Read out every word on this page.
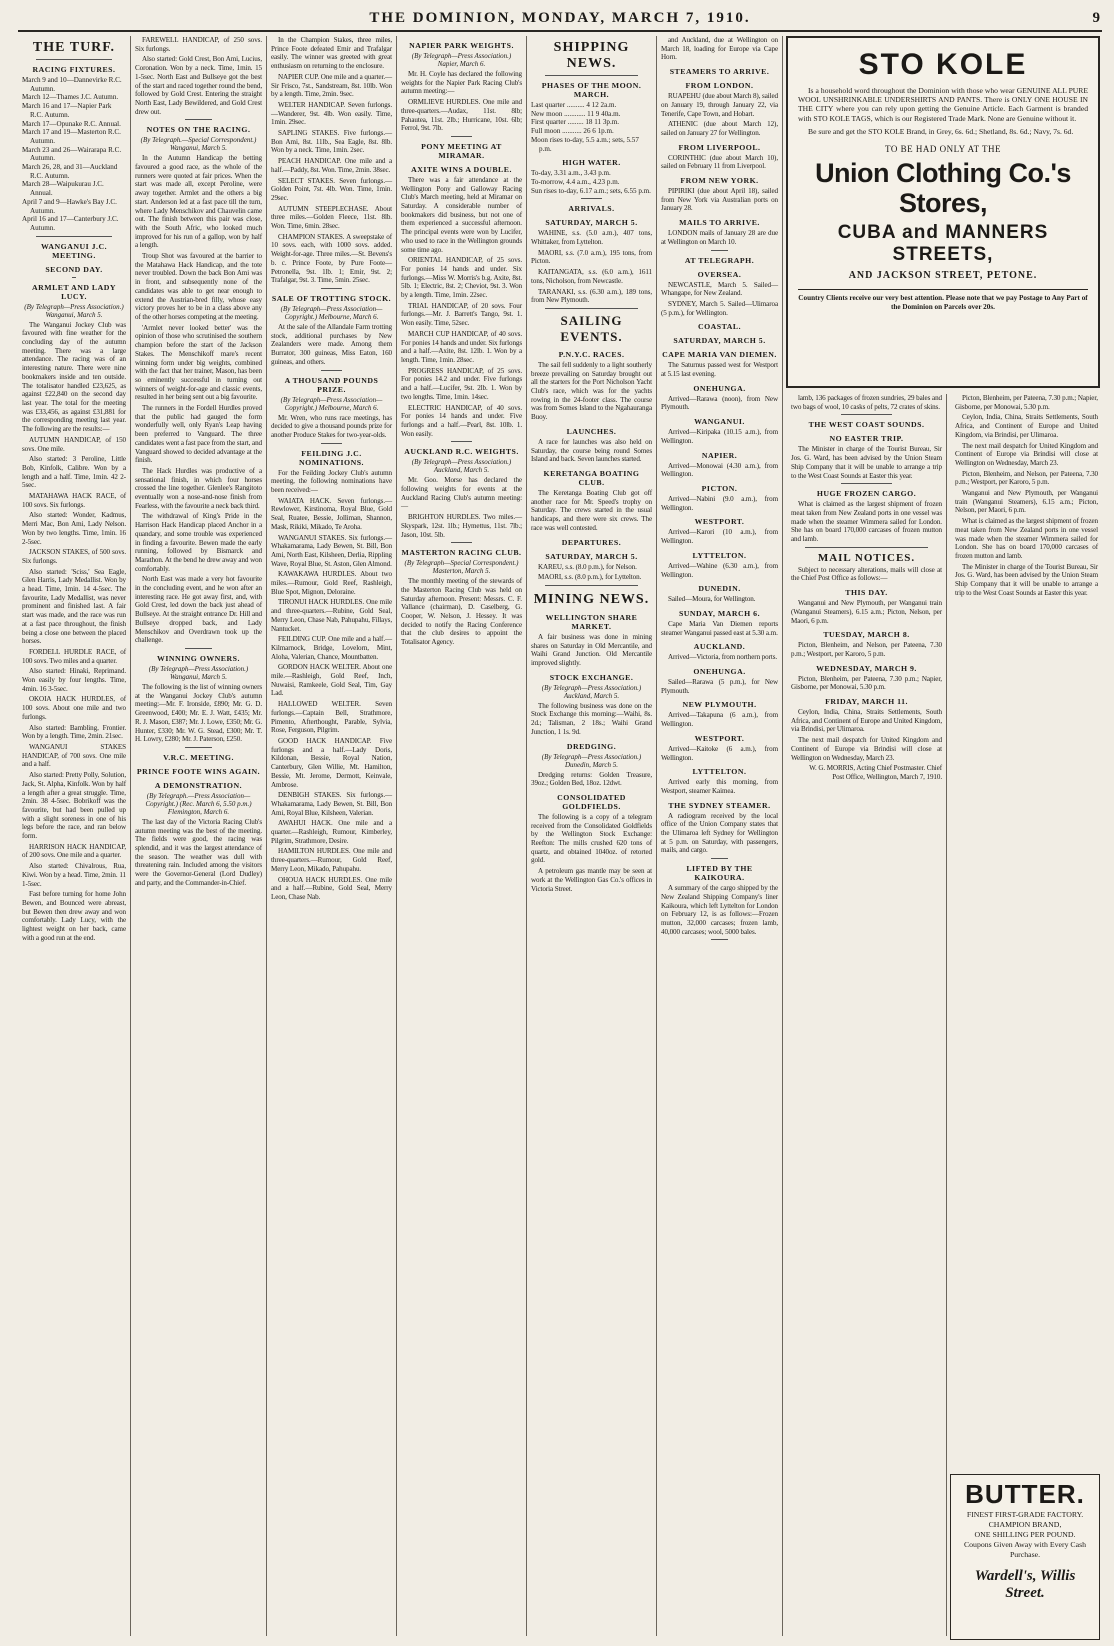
THE DOMINION, MONDAY, MARCH 7, 1910.	9
THE TURF.
RACING FIXTURES.
March 9 and 10—Dannevirke R.C. Autumn.
March 12—Thames J.C. Autumn.
March 16 and 17—Napier Park R.C. Autumn.
March 17—Opunake R.C. Annual.
March 17 and 19—Masterton R.C. Autumn.
March 23 and 26—Wairarapa R.C. Autumn.
March 26, 28, and 31—Auckland R.C. Autumn.
March 28—Waipukurau J.C. Annual.
April 7 and 9—Hawke's Bay J.C. Autumn.
April 16 and 17—Canterbury J.C. Autumn.
WANGANUI J.C. MEETING.
SECOND DAY.
ARMLET AND LADY LUCY.
(By Telegraph—Press Association.) Wanganui, March 5.

The Wanganui Jockey Club was favoured with fine weather for the concluding day of the autumn meeting. There was a large attendance. The racing was of an interesting nature. There were nine bookmakers inside and ten outside. The totalisator handled £23,625, as against £22,840 on the second day last year. The total for the meeting was £33,456, as against £31,881 for the corresponding meeting last year. The following are the results:—

AUTUMN HANDICAP, of 150 sovs. One mile.

Also started: 3 Peroline, Little Bob, Kinfolk, Calibre. Won by a length and a half. Time, 1min. 42 2-5sec.

MATAHAWA HACK RACE, of 100 sovs. Six furlongs.

Also started: Wonder, Kadmus, Merri Mac, Bon Ami, Lady Nelson. Won by two lengths. Time, 1min. 16 2-5sec.

JACKSON STAKES, of 500 sovs. Six furlongs.

Also started: 'Sciss,' Sea Eagle, Glen Harris, Lady Medallist. Won by a head. Time, 1min. 14 4-5sec. The favourite, Lady Medallist, was never prominent and finished last. A fair start was made, and the race was run at a fast pace throughout, the finish being a close one between the placed horses.

FORDELL HURDLE RACE, of 100 sovs. Two miles and a quarter.

Also started: Hinaki, Reprimand. Won easily by four lengths. Time, 4min. 16 3-5sec.

OKOIA HACK HURDLES, of 100 sovs. About one mile and two furlongs.

Also started: Bambling, Frontier. Won by a length. Time, 2min. 21sec.

WANGANUI STAKES HANDICAP, of 700 sovs. One mile and a half.

Also started: Pretty Polly, Solution, Jack, St. Alpha, Kinfolk. Won by half a length after a great struggle. Time, 2min. 38 4-5sec. Bobrikoff was the favourite, but had been pulled up with a slight soreness in one of his legs before the race, and ran below form.

HARRISON HACK HANDICAP, of 200 sovs. One mile and a quarter.

Also started: Chivalrous, Rua, Kiwi. Won by a head. Time, 2min. 11 1-5sec.

Fast before turning for home John Bewen, and Bounced were abreast, but Bewen then drew away and won comfortably. Lady Lucy, with the lightest weight on her back, came with a good run at the end.

FAREWELL HANDICAP, of 250 sovs. Six furlongs.

Also started: Gold Crest, Bon Ami, Lucius, Coronation. Won by a neck. Time, 1min. 15 1-5sec. North East and Bullseye got the best of the start and raced together round the bend, followed by Gold Crest. Entering the straight North East, Lady Bewildered, and Gold Crest drew out.

NOTES ON THE RACING.
(By Telegraph.—Special Correspondent.) Wanganui, March 5.

In the Autumn Handicap the betting favoured a good race, as the whole of the runners were quoted at fair prices. When the start was made all, except Peroline, were away together. Armlet and the others a big start. Anderson led at a fast pace till the turn, where Lady Menschikov and Chauvelin came out. The finish between this pair was close, with the South Afric, who looked much improved for his run of a gallop, won by half a length.

Troup Shot was favoured at the barrier to the Matahawa Hack Handicap, and the tote never troubled. Down the back Bon Ami was in front, and subsequently none of the candidates was able to get near enough to extend the Austrian-bred filly, whose easy victory proves her to be in a class above any of the other horses competing at the meeting.

'Armlet never looked better' was the opinion of those who scrutinised the southern champion before the start of the Jackson Stakes. The Menschikoff mare's recent winning form under big weights, combined with the fact that her trainer, Mason, has been so eminently successful in turning out winners of weight-for-age and classic events, resulted in her being sent out a big favourite.

The runners in the Fordell Hurdles proved that the public had gauged the form wonderfully well, only Ryan's Leap having been preferred to Vanguard. The three candidates went a fast pace from the start, and Vanguard showed to decided advantage at the finish.

The Hack Hurdles was productive of a sensational finish, in which four horses crossed the line together. Glenlee's Rangitoto eventually won a nose-and-nose finish from Fearless, with the favourite a neck back third.

The withdrawal of King's Pride in the Harrison Hack Handicap placed Anchor in a quandary, and some trouble was experienced in finding a favourite. Bewen made the early running, followed by Bismarck and Marathon. At the bend he drew away and won comfortably.

North East was made a very hot favourite in the concluding event, and he won after an interesting race. He got away first, and, with Gold Crest, led down the back just ahead of Bullseye. At the straight entrance Dr. Hill and Bullseye dropped back, and Lady Menschikov and Overdrawn took up the challenge.

WINNING OWNERS.
(By Telegraph—Press Association.) Wanganui, March 5.

The following is the list of winning owners at the Wanganui Jockey Club's autumn meeting:—Mr. F. Ironside, £890; Mr. G. D. Greenwood, £400; Mr. E. J. Watt, £435; Mr. R. J. Mason, £387; Mr. J. Lowe, £350; Mr. G. Hunter, £330; Mr. W. G. Stead, £300; Mr. T. H. Lowry, £280; Mr. J. Paterson, £250.

V.R.C. MEETING.
PRINCE FOOTE WINS AGAIN.
A DEMONSTRATION.
(By Telegraph.—Press Association—Copyright.) (Rec. March 6, 5.50 p.m.) Flemington, March 6.

The last day of the Victoria Racing Club's autumn meeting was the best of the meeting. The fields were good, the racing was splendid, and it was the largest attendance of the season. The weather was dull with threatening rain. Included among the visitors were the Governor-General (Lord Dudley) and party, and the Commander-in-Chief.

In the Champion Stakes, three miles, Prince Foote defeated Emir and Trafalgar easily. The winner was greeted with great enthusiasm on returning to the enclosure.

NAPIER CUP. One mile and a quarter.—Sir Frisco, 7st., Sandstream, 8st. 10lb. Won by a length. Time, 2min. 9sec.

WELTER HANDICAP. Seven furlongs.—Wanderer, 9st. 4lb. Won easily. Time, 1min. 29sec.

SAPLING STAKES. Five furlongs.—Bon Ami, 8st. 11lb., Sea Eagle, 8st. 8lb. Won by a neck. Time, 1min. 2sec.

PEACH HANDICAP. One mile and a half.—Paddy, 8st. Won. Time, 2min. 38sec.

SELECT STAKES. Seven furlongs.—Golden Point, 7st. 4lb. Won. Time, 1min. 29sec.

AUTUMN STEEPLECHASE. About three miles.—Golden Fleece, 11st. 8lb. Won. Time, 6min. 28sec.

CHAMPION STAKES. A sweepstake of 10 sovs. each, with 1000 sovs. added. Weight-for-age. Three miles.—St. Bevens's b. c. Prince Foote, by Pure Foote—Petronella, 9st. 1lb. 1; Emir, 9st. 2; Trafalgar, 9st. 3. Time, 5min. 25sec.

SALE OF TROTTING STOCK.
(By Telegraph—Press Association—Copyright.) Melbourne, March 6.

At the sale of the Allandale Farm trotting stock, additional purchases by New Zealanders were made. Among them Burrator, 300 guineas, Miss Eaton, 160 guineas, and others.

A THOUSAND POUNDS PRIZE.
(By Telegraph—Press Association—Copyright.) Melbourne, March 6.

Mr. Wren, who runs race meetings, has decided to give a thousand pounds prize for another Produce Stakes for two-year-olds.

FEILDING J.C. NOMINATIONS.

For the Feilding Jockey Club's autumn meeting, the following nominations have been received:—

WAIATA HACK. Seven furlongs.—Rewlower, Kirstinoma, Royal Blue, Gold Seal, Ruatee, Bessie, Jolliman, Shannon, Mask, Rikiki, Mikado, Te Aroha.

WANGANUI STAKES. Six furlongs.—Whakamarama, Lady Bewen, St. Bill, Bon Ami, North East, Kilsheen, Derlia, Rippling Wave, Royal Blue, St. Aston, Glen Almond.

KAWAKAWA HURDLES. About two miles.—Rumour, Gold Reef, Rashleigh, Blue Spot, Mignon, Deloraine.

TIRONUI HACK HURDLES. One mile and three-quarters.—Rubine, Gold Seal, Merry Leon, Chase Nab, Pahupahu, Fillays, Nantucket.

FEILDING CUP. One mile and a half.—Kilmarnock, Bridge, Lovelorn, Mint, Aloha, Valerian, Chance, Mountbatten.

GORDON HACK WELTER. About one mile.—Rashleigh, Gold Reef, Inch, Nuwaisi, Ramkeele, Gold Seal, Tim, Gay Lad.

HALLOWED WELTER. Seven furlongs.—Captain Bell, Strathmore, Pimento, Afterthought, Parable, Sylvia, Rose, Ferguson, Pilgrim.

GOOD HACK HANDICAP. Five furlongs and a half.—Lady Doris, Kildonan, Bessie, Royal Nation, Canterbury, Glen Willie, Mt. Hamilton, Bessie, Mt. Jerome, Dermott, Keinvale, Ambrose.

DENBIGH STAKES. Six furlongs.—Whakamarama, Lady Bewen, St. Bill, Bon Ami, Royal Blue, Kilsheen, Valerian.

AWAHUI HACK. One mile and a quarter.—Rashleigh, Rumour, Kimberley, Pilgrim, Strathmore, Desire.

HAMILTON HURDLES. One mile and three-quarters.—Rumour, Gold Reef, Merry Leon, Mikado, Pahupahu.

OHOUA HACK HURDLES. One mile and a half.—Rubine, Gold Seal, Merry Leon, Chase Nab.

NAPIER PARK WEIGHTS.
(By Telegraph—Press Association.) Napier, March 6.

Mr. H. Coyle has declared the following weights for the Napier Park Racing Club's autumn meeting:—

ORMLIEVE HURDLES. One mile and three-quarters.—Audax, 11st. 8lb; Pahautea, 11st. 2lb.; Hurricane, 10st. 6lb; Ferrol, 9st. 7lb.

PONY MEETING AT MIRAMAR.
AXITE WINS A DOUBLE.

There was a fair attendance at the Wellington Pony and Galloway Racing Club's March meeting, held at Miramar on Saturday. A considerable number of bookmakers did business, but not one of them experienced a successful afternoon. The principal events were won by Lucifer, who used to race in the Wellington grounds some time ago.

ORIENTAL HANDICAP, of 25 sovs. For ponies 14 hands and under. Six furlongs.—Miss W. Morris's b.g. Axite, 8st. 5lb. 1; Electric, 8st. 2; Cheviot, 9st. 3. Won by a length. Time, 1min. 22sec.

TRIAL HANDICAP, of 20 sovs. Four furlongs.—Mr. J. Barrett's Tango, 9st. 1. Won easily. Time, 52sec.

MARCH CUP HANDICAP, of 40 sovs. For ponies 14 hands and under. Six furlongs and a half.—Axite, 8st. 12lb. 1. Won by a length. Time, 1min. 28sec.

PROGRESS HANDICAP, of 25 sovs. For ponies 14.2 and under. Five furlongs and a half.—Lucifer, 9st. 2lb. 1. Won by two lengths. Time, 1min. 14sec.

ELECTRIC HANDICAP, of 40 sovs. For ponies 14 hands and under. Five furlongs and a half.—Pearl, 8st. 10lb. 1. Won easily.

AUCKLAND R.C. WEIGHTS.
(By Telegraph—Press Association.) Auckland, March 5.

Mr. Goo. Morse has declared the following weights for events at the Auckland Racing Club's autumn meeting:—

BRIGHTON HURDLES. Two miles.—Skyspark, 12st. 1lb.; Hymettus, 11st. 7lb.; Jason, 10st. 5lb.

MASTERTON RACING CLUB.
(By Telegraph—Special Correspondent.) Masterton, March 5.

The monthly meeting of the stewards of the Masterton Racing Club was held on Saturday afternoon. Present: Messrs. C. F. Vallance (chairman), D. Caselberg, G. Cooper, W. Nelson, J. Hessey. It was decided to notify the Racing Conference that the club desires to appoint the Totalisator Agency.

SHIPPING NEWS.
PHASES OF THE MOON. MARCH.
Last quarter .......... 4 12 2a.m.
New moon ............ 11 9 40a.m.
First quarter ......... 18 11 3p.m.
Full moon ........... 26 6 1p.m.
Moon rises to-day, 5.5 a.m.; sets, 5.57 p.m.
HIGH WATER.
To-day, 3.31 a.m., 3.43 p.m.
To-morrow, 4.4 a.m., 4.23 p.m.
Sun rises to-day, 6.17 a.m.; sets, 6.55 p.m.
ARRIVALS.
SATURDAY, MARCH 5.

WAHINE, s.s. (5.0 a.m.), 407 tons, Whittaker, from Lyttelton.

MAORI, s.s. (7.0 a.m.), 195 tons, from Picton.

KAITANGATA, s.s. (6.0 a.m.), 1611 tons, Nicholson, from Newcastle.

TARANAKI, s.s. (6.30 a.m.), 189 tons, from New Plymouth.

SAILING EVENTS.
P.N.Y.C. RACES.

The sail fell suddenly to a light southerly breeze prevailing on Saturday brought out all the starters for the Port Nicholson Yacht Club's race, which was for the yachts rowing in the 24-footer class. The course was from Somes Island to the Ngahauranga Buoy.

LAUNCHES.

A race for launches was also held on Saturday, the course being round Somes Island and back. Seven launches started.

KERETANGA BOATING CLUB.

The Keretanga Boating Club got off another race for Mr. Speed's trophy on Saturday. The crews started in the usual handicaps, and there were six crews. The race was well contested.

DEPARTURES.
SATURDAY, MARCH 5.

KAREU, s.s. (8.0 p.m.), for Nelson.

MAORI, s.s. (8.0 p.m.), for Lyttelton.

MINING NEWS.
WELLINGTON SHARE MARKET.

A fair business was done in mining shares on Saturday in Old Mercantile, and Waihi Grand Junction. Old Mercantile improved slightly.

STOCK EXCHANGE.
(By Telegraph—Press Association.) Auckland, March 5.

The following business was done on the Stock Exchange this morning:—Waihi, 8s. 2d.; Talisman, 2 18s.; Waihi Grand Junction, 1 1s. 9d.

DREDGING.
(By Telegraph—Press Association.) Dunedin, March 5.

Dredging returns: Golden Treasure, 39oz.; Golden Bed, 18oz. 12dwt.

CONSOLIDATED GOLDFIELDS.

The following is a copy of a telegram received from the Consolidated Goldfields by the Wellington Stock Exchange: Reefton: The mills crushed 620 tons of quartz, and obtained 1040oz. of retorted gold.

A petroleum gas mantle may be seen at work at the Wellington Gas Co.'s offices in Victoria Street.

and Auckland, due at Wellington on March 18, loading for Europe via Cape Horn.

STEAMERS TO ARRIVE.
FROM LONDON.

RUAPEHU (due about March 8), sailed on January 19, through January 22, via Tenerife, Cape Town, and Hobart.

ATHENIC (due about March 12), sailed on January 27 for Wellington.

FROM LIVERPOOL.

CORINTHIC (due about March 10), sailed on February 11 from Liverpool.

FROM NEW YORK.

PIPIRIKI (due about April 18), sailed from New York via Australian ports on January 28.

MAILS TO ARRIVE.

LONDON mails of January 28 are due at Wellington on March 10.

AT TELEGRAPH.
OVERSEA.

NEWCASTLE, March 5. Sailed—Whangape, for New Zealand.

SYDNEY, March 5. Sailed—Ulimaroa (5 p.m.), for Wellington.

COASTAL.
SATURDAY, MARCH 5.
CAPE MARIA VAN DIEMEN.

The Saturnus passed west for Westport at 5.15 last evening.

ONEHUNGA.

Arrived—Rarawa (noon), from New Plymouth.

WANGANUI.

Arrived—Kiripaka (10.15 a.m.), from Wellington.

NAPIER.

Arrived—Monowai (4.30 a.m.), from Wellington.

PICTON.

Arrived—Nabini (9.0 a.m.), from Wellington.

WESTPORT.

Arrived—Karori (10 a.m.), from Wellington.

LYTTELTON.

Arrived—Wahine (6.30 a.m.), from Wellington.

DUNEDIN.

Sailed—Moura, for Wellington.

SUNDAY, MARCH 6.

Cape Maria Van Diemen reports steamer Wanganui passed east at 5.30 a.m.

AUCKLAND.

Arrived—Victoria, from northern ports.

ONEHUNGA.

Sailed—Rarawa (5 p.m.), for New Plymouth.

NEW PLYMOUTH.

Arrived—Takapuna (6 a.m.), from Wellington.

WESTPORT.

Arrived—Kaitoke (6 a.m.), from Wellington.

LYTTELTON.

Arrived early this morning, from Westport, steamer Kaimea.

THE SYDNEY STEAMER.

A radiogram received by the local office of the Union Company states that the Ulimaroa left Sydney for Wellington at 5 p.m. on Saturday, with passengers, mails, and cargo.

LIFTED BY THE KAIKOURA.

A summary of the cargo shipped by the New Zealand Shipping Company's liner Kaikoura, which left Lyttelton for London on February 12, is as follows:—Frozen mutton, 32,000 carcases; frozen lamb, 40,000 carcases; wool, 5000 bales.

STO KOLE

Is a household word throughout the Dominion with those who wear GENUINE ALL PURE WOOL UNSHRINKABLE UNDERSHIRTS AND PANTS. There is ONLY ONE HOUSE IN THE CITY where you can rely upon getting the Genuine Article. Each Garment is branded with STO KOLE TAGS, which is our Registered Trade Mark. None are Genuine without it.

Be sure and get the STO KOLE Brand, in Grey, 6s. 6d.; Shetland, 8s. 6d.; Navy, 7s. 6d.

TO BE HAD ONLY AT THE
Union Clothing Co.'s Stores,
CUBA and MANNERS STREETS,
AND JACKSON STREET, PETONE.
Country Clients receive our very best attention. Please note that we pay Postage to Any Part of the Dominion on Parcels over 20s.

lamb, 136 packages of frozen sundries, 29 bales and two bags of wool, 10 casks of pelts, 72 crates of skins.

THE WEST COAST SOUNDS.
NO EASTER TRIP.

The Minister in charge of the Tourist Bureau, Sir Jos. G. Ward, has been advised by the Union Steam Ship Company that it will be unable to arrange a trip to the West Coast Sounds at Easter this year.

HUGE FROZEN CARGO.

What is claimed as the largest shipment of frozen meat taken from New Zealand ports in one vessel was made when the steamer Wimmera sailed for London. She has on board 170,000 carcases of frozen mutton and lamb.

MAIL NOTICES.

Subject to necessary alterations, mails will close at the Chief Post Office as follows:—

THIS DAY.

Wanganui and New Plymouth, per Wanganui train (Wanganui Steamers), 6.15 a.m.; Picton, Nelson, per Maori, 6 p.m.

TUESDAY, MARCH 8.

Picton, Blenheim, and Nelson, per Pateena, 7.30 p.m.; Westport, per Karoro, 5 p.m.

WEDNESDAY, MARCH 9.

Picton, Blenheim, per Pateena, 7.30 p.m.; Napier, Gisborne, per Monowai, 5.30 p.m.

FRIDAY, MARCH 11.

Ceylon, India, China, Straits Settlements, South Africa, and Continent of Europe and United Kingdom, via Brindisi, per Ulimaroa.

The next mail despatch for United Kingdom and Continent of Europe via Brindisi will close at Wellington on Wednesday, March 23.

W. G. MORRIS, Acting Chief Postmaster. Chief Post Office, Wellington, March 7, 1910.

Picton, Blenheim, per Pateena, 7.30 p.m.; Napier, Gisborne, per Monowai, 5.30 p.m.

Ceylon, India, China, Straits Settlements, South Africa, and Continent of Europe and United Kingdom, via Brindisi, per Ulimaroa.

The next mail despatch for United Kingdom and Continent of Europe via Brindisi will close at Wellington on Wednesday, March 23.

Picton, Blenheim, and Nelson, per Pateena, 7.30 p.m.; Westport, per Karoro, 5 p.m.

Wanganui and New Plymouth, per Wanganui train (Wanganui Steamers), 6.15 a.m.; Picton, Nelson, per Maori, 6 p.m.

What is claimed as the largest shipment of frozen meat taken from New Zealand ports in one vessel was made when the steamer Wimmera sailed for London. She has on board 170,000 carcases of frozen mutton and lamb.

The Minister in charge of the Tourist Bureau, Sir Jos. G. Ward, has been advised by the Union Steam Ship Company that it will be unable to arrange a trip to the West Coast Sounds at Easter this year.

BUTTER.
FINEST FIRST-GRADE FACTORY.
CHAMPION BRAND,
ONE SHILLING PER POUND.
Coupons Given Away with Every Cash Purchase.
Wardell's, Willis Street.
